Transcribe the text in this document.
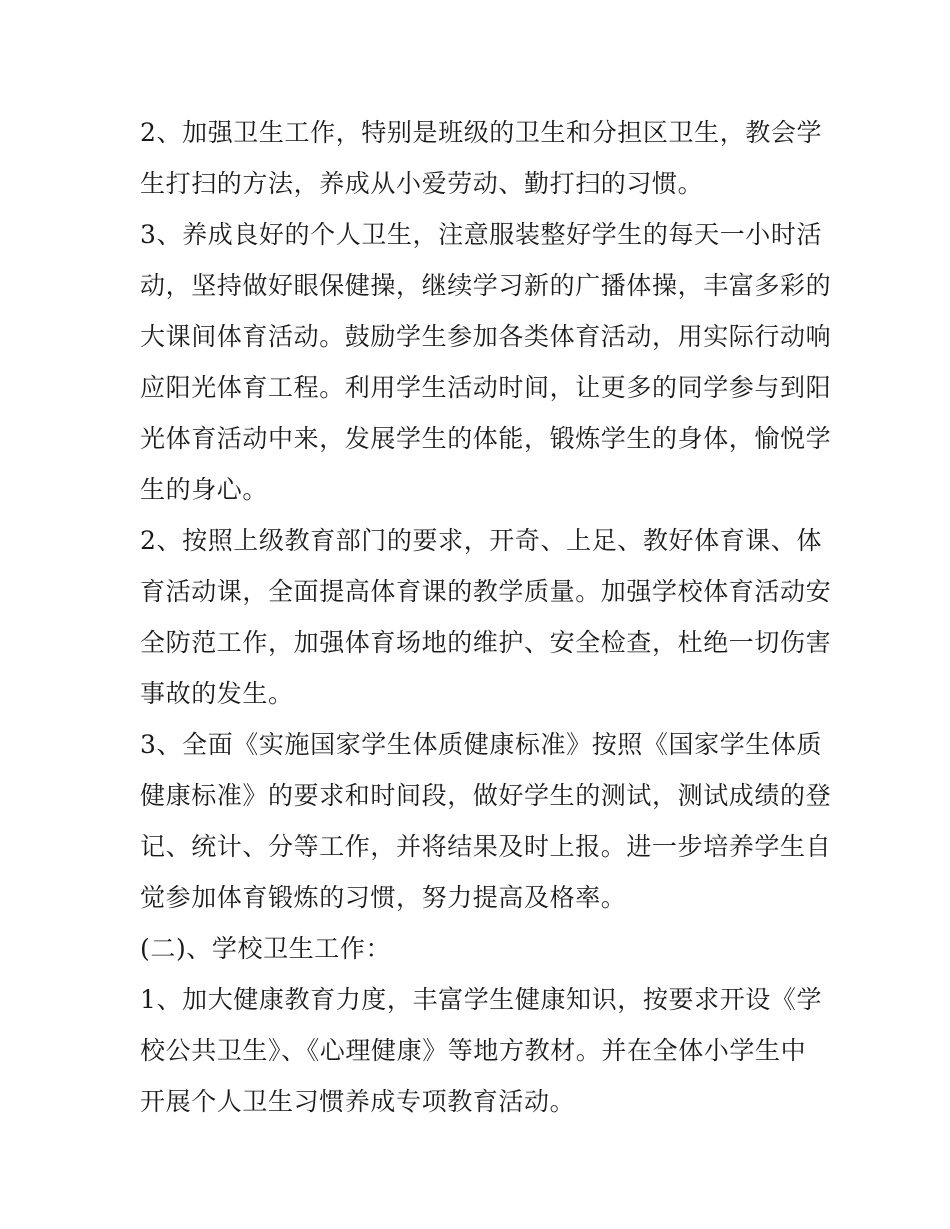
2、加强卫生工作，特别是班级的卫生和分担区卫生，教会学
生打扫的方法，养成从小爱劳动、勤打扫的习惯。
3、养成良好的个人卫生，注意服装整好学生的每天一小时活
动，坚持做好眼保健操，继续学习新的广播体操，丰富多彩的
大课间体育活动。鼓励学生参加各类体育活动，用实际行动响
应阳光体育工程。利用学生活动时间，让更多的同学参与到阳
光体育活动中来，发展学生的体能，锻炼学生的身体，愉悦学
生的身心。
2、按照上级教育部门的要求，开奇、上足、教好体育课、体
育活动课，全面提高体育课的教学质量。加强学校体育活动安
全防范工作，加强体育场地的维护、安全检查，杜绝一切伤害
事故的发生。
3、全面《实施国家学生体质健康标准》按照《国家学生体质
健康标准》的要求和时间段，做好学生的测试，测试成绩的登
记、统计、分等工作，并将结果及时上报。进一步培养学生自
觉参加体育锻炼的习惯，努力提高及格率。
(二)、学校卫生工作：
1、加大健康教育力度，丰富学生健康知识，按要求开设《学
校公共卫生》、《心理健康》等地方教材。并在全体小学生中
开展个人卫生习惯养成专项教育活动。
